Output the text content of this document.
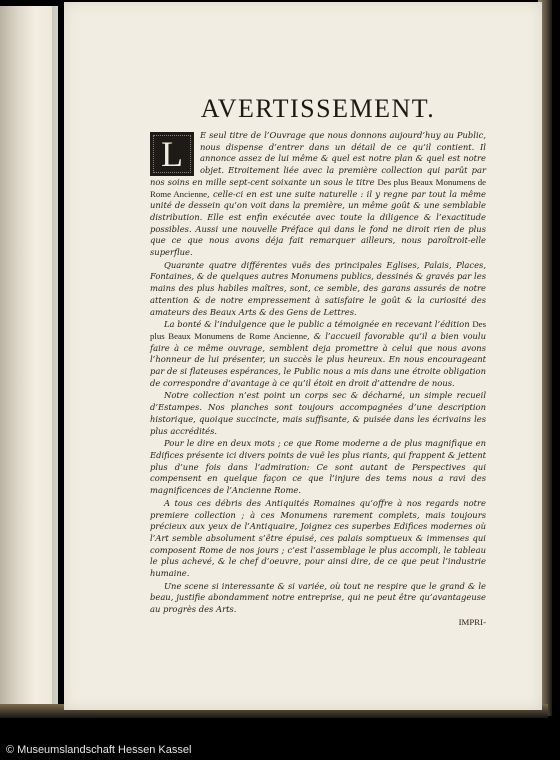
AVERTISSEMENT.

L	E seul titre de l’Ouvrage que nous donnons aujourd’huy au Public, nous dispense d’entrer dans un détail de ce qu’il contient. Il annonce assez de lui même & quel est notre plan & quel est notre objet. Etroitement liée avec la première collection qui parût par nos soins en mille sept-cent soixante un sous le titre Des plus Beaux Monumens de Rome Ancienne, celle-ci en est une suite naturelle : il y regne par tout la même unité de dessein qu’on voit dans la première, un même goût & une semblable distribution. Elle est enfin exécutée avec toute la diligence & l’exactitude possibles. Aussi une nouvelle Préface qui dans le fond ne diroit rien de plus que ce que nous avons déja fait remarquer ailleurs, nous paroîtroit-elle superflue.

Quarante quatre différentes vuës des principales Eglises, Palais, Places, Fontaines, & de quelques autres Monumens publics, dessinés & gravés par les mains des plus habiles maîtres, sont, ce semble, des garans assurés de notre attention & de notre empressement à satisfaire le goût & la curiosité des amateurs des Beaux Arts & des Gens de Lettres.

La bonté & l’indulgence que le public a témoignée en recevant l’édition Des plus Beaux Monumens de Rome Ancienne, & l’accueil favorable qu’il a bien voulu faire à ce même ouvrage, semblent deja promettre à celui que nous avons l’honneur de lui présenter, un succès le plus heureux. En nous encourageant par de si flateuses espérances, le Public nous a mis dans une étroite obligation de correspondre d’avantage à ce qu’il étoit en droit d’attendre de nous.

Notre collection n’est point un corps sec & décharné, un simple recueil d’Estampes. Nos planches sont toujours accompagnées d’une description historique, quoique succincte, mais suffisante, & puisée dans les écrivains les plus accrédités.

Pour le dire en deux mots ; ce que Rome moderne a de plus magnifique en Edifices présente ici divers points de vuë les plus riants, qui frappent & jettent plus d’une fois dans l’admiration: Ce sont autant de Perspectives qui compensent en quelque façon ce que l’injure des tems nous a ravi des magnificences de l’Ancienne Rome.

A tous ces débris des Antiquités Romaines qu’offre à nos regards notre premiere collection ; à ces Monumens rarement complets, mais toujours précieux aux yeux de l’Antiquaire, Joignez ces superbes Edifices modernes où l’Art semble absolument s’être épuisé, ces palais somptueux & immenses qui composent Rome de nos jours ; c’est l’assemblage le plus accompli, le tableau le plus achevé, & le chef d’oeuvre, pour ainsi dire, de ce que peut l’industrie humaine.

Une scene si interessante & si variée, où tout ne respire que le grand & le beau, justifie abondamment notre entreprise, qui ne peut être qu’avantageuse au progrès des Arts.

IMPRI-
© Museumslandschaft Hessen Kassel
